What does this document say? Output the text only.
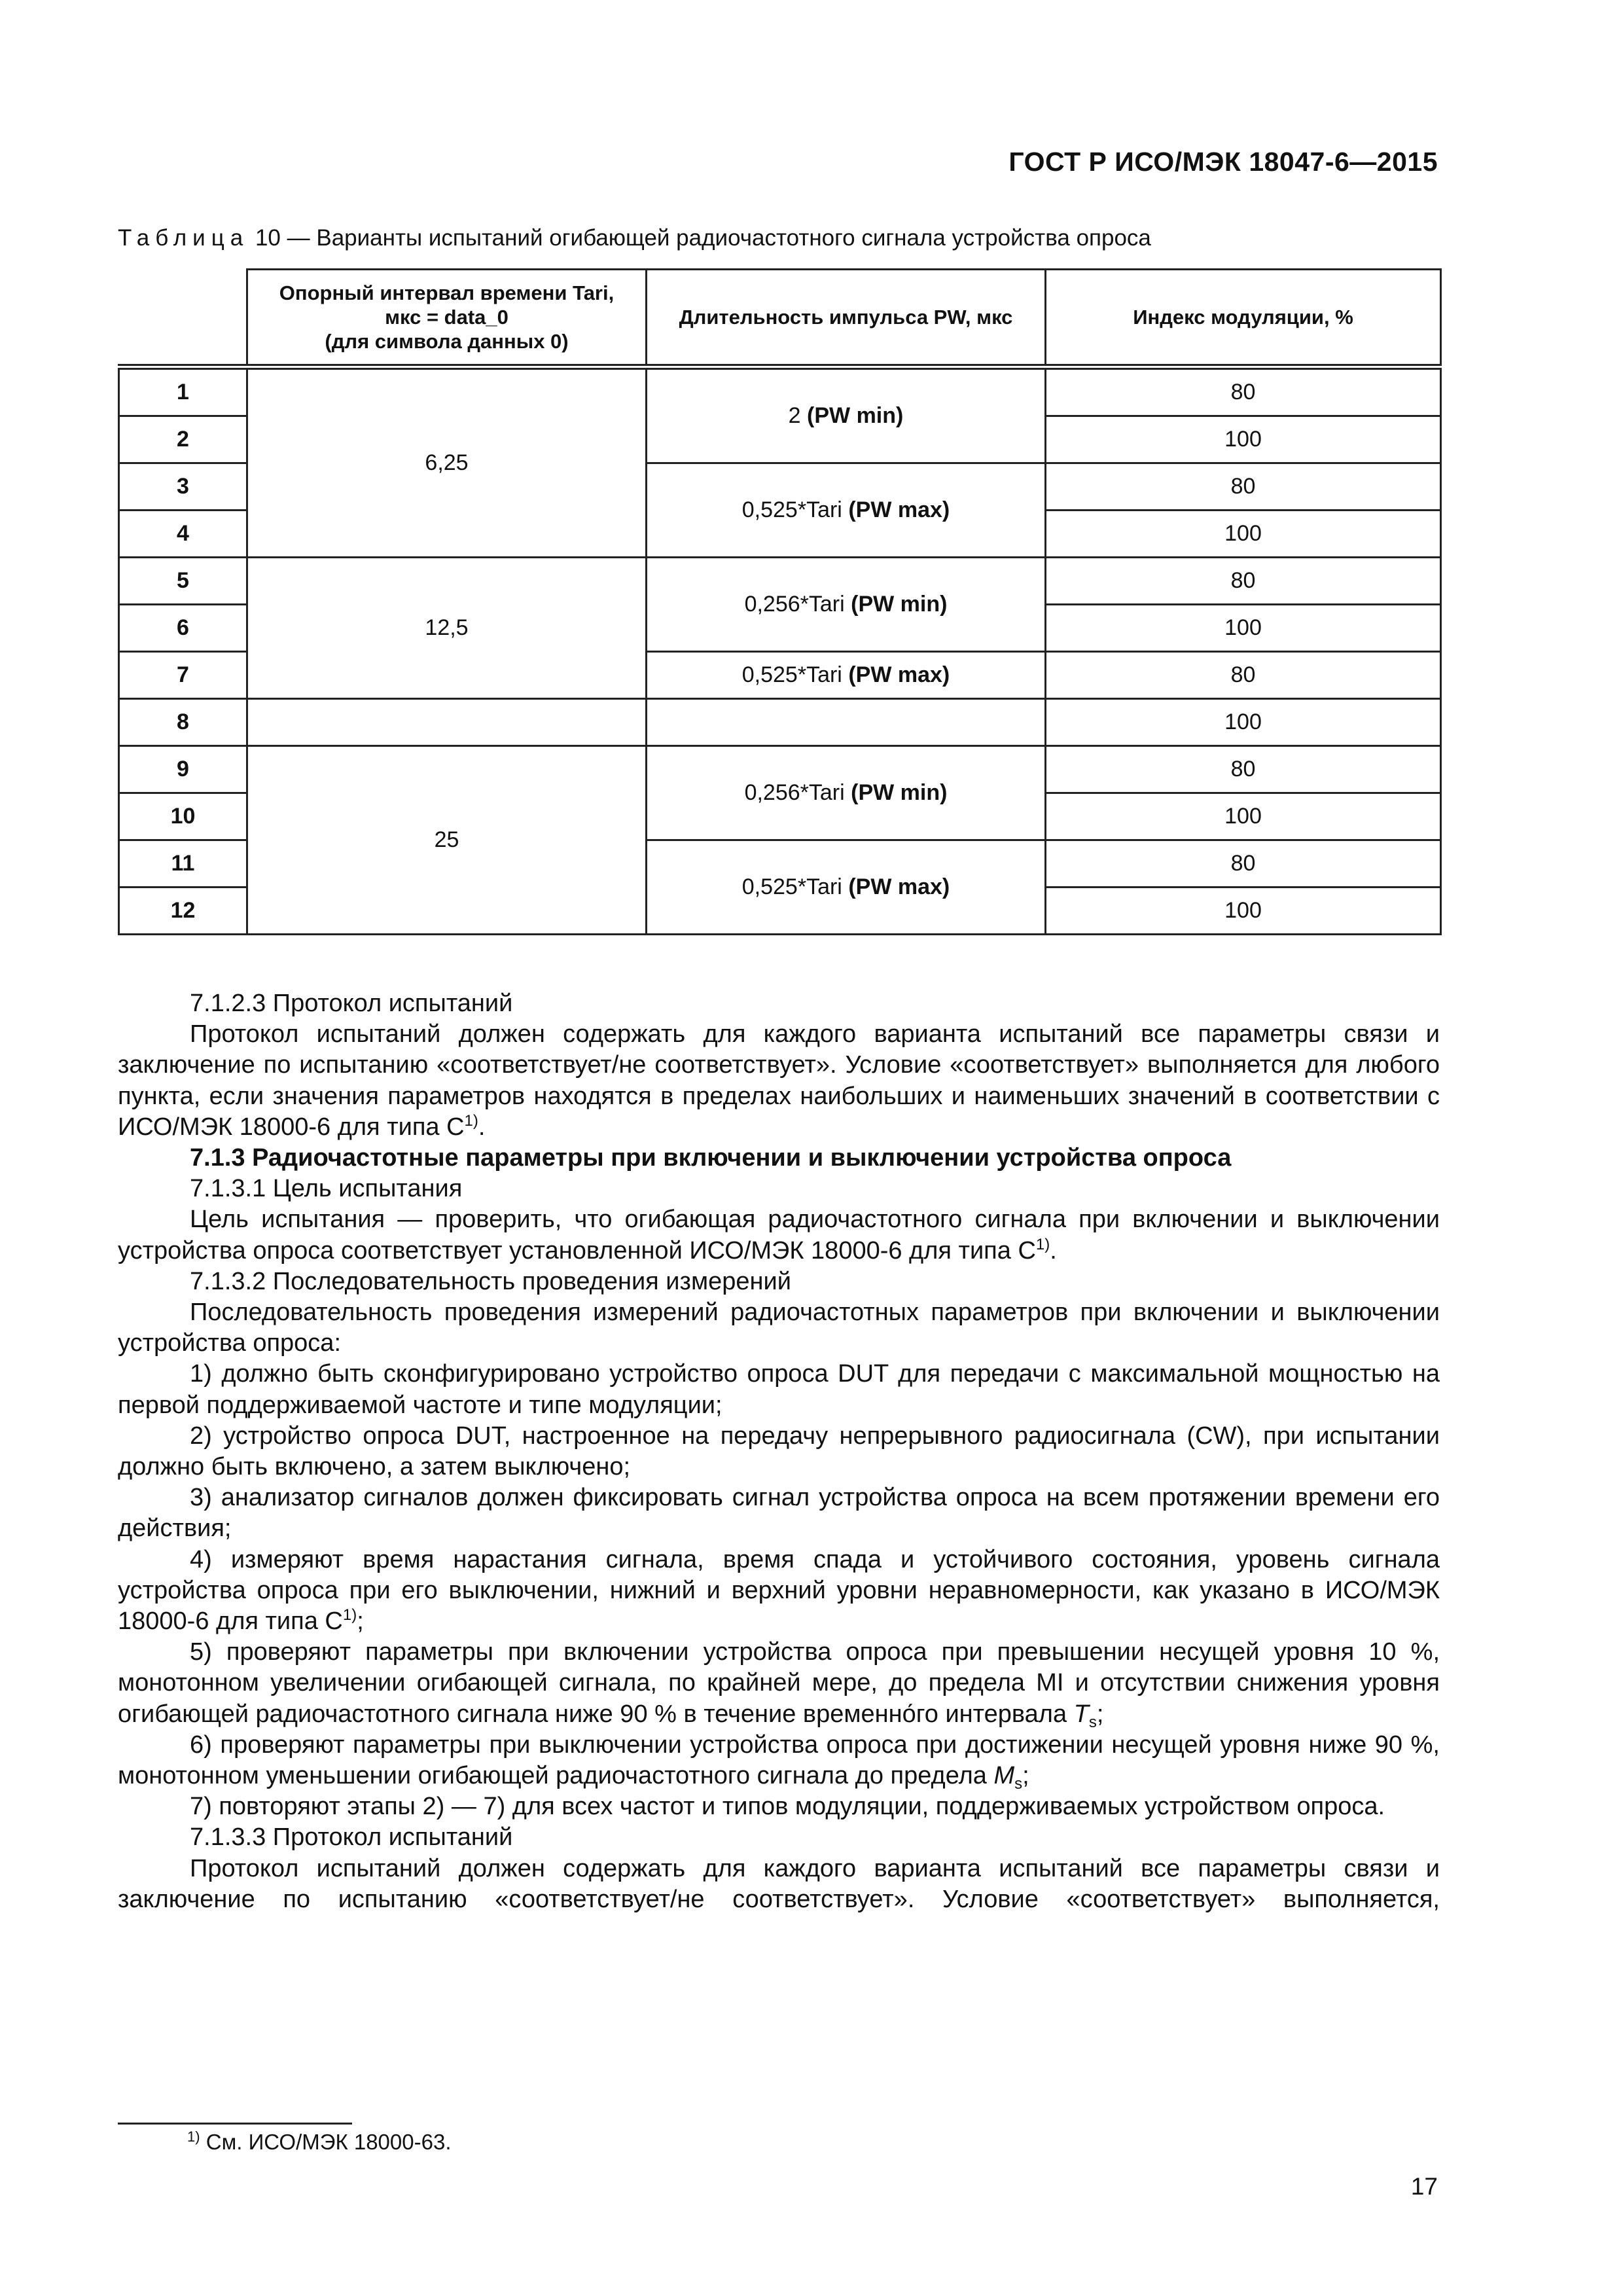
ГОСТ Р ИСО/МЭК 18047-6—2015
Таблица 10 — Варианты испытаний огибающей радиочастотного сигнала устройства опроса
	Опорный интервал времени Tari,
мкс = data_0
(для символа данных 0)	Длительность импульса PW, мкс	Индекс модуляции, %
1	6,25	2 (PW min)	80
2			100
3		0,525*Tari (PW max)	80
4			100
5	12,5	0,256*Tari (PW min)	80
6			100
7		0,525*Tari (PW max)	80
8			100
9	25	0,256*Tari (PW min)	80
10			100
11		0,525*Tari (PW max)	80
12			100

7.1.2.3 Протокол испытаний

Протокол испытаний должен содержать для каждого варианта испытаний все параметры связи и заключение по испытанию «соответствует/не соответствует». Условие «соответствует» выполняется для любого пункта, если значения параметров находятся в пределах наибольших и наименьших значений в соответствии с ИСО/МЭК 18000-6 для типа $С^{1)}$.

7.1.3 Радиочастотные параметры при включении и выключении устройства опроса

7.1.3.1 Цель испытания

Цель испытания — проверить, что огибающая радиочастотного сигнала при включении и выключении устройства опроса соответствует установленной ИСО/МЭК 18000-6 для типа $С^{1)}$.

7.1.3.2 Последовательность проведения измерений

Последовательность проведения измерений радиочастотных параметров при включении и выключении устройства опроса:

1) должно быть сконфигурировано устройство опроса DUT для передачи с максимальной мощностью на первой поддерживаемой частоте и типе модуляции;

2) устройство опроса DUT, настроенное на передачу непрерывного радиосигнала (CW), при испытании должно быть включено, а затем выключено;

3) анализатор сигналов должен фиксировать сигнал устройства опроса на всем протяжении времени его действия;

4) измеряют время нарастания сигнала, время спада и устойчивого состояния, уровень сигнала устройства опроса при его выключении, нижний и верхний уровни неравномерности, как указано в ИСО/МЭК 18000-6 для типа $С^{1)}$;

5) проверяют параметры при включении устройства опроса при превышении несущей уровня 10 %, монотонном увеличении огибающей сигнала, по крайней мере, до предела MI и отсутствии снижения уровня огибающей радиочастотного сигнала ниже 90 % в течение временно́го интервала $T_s$;

6) проверяют параметры при выключении устройства опроса при достижении несущей уровня ниже 90 %, монотонном уменьшении огибающей радиочастотного сигнала до предела $M_s$;

7) повторяют этапы 2) — 7) для всех частот и типов модуляции, поддерживаемых устройством опроса.

7.1.3.3 Протокол испытаний

Протокол испытаний должен содержать для каждого варианта испытаний все параметры связи и заключение по испытанию «соответствует/не соответствует». Условие «соответствует» выполняется,

$^{1)}$ См. ИСО/МЭК 18000-63.
17
